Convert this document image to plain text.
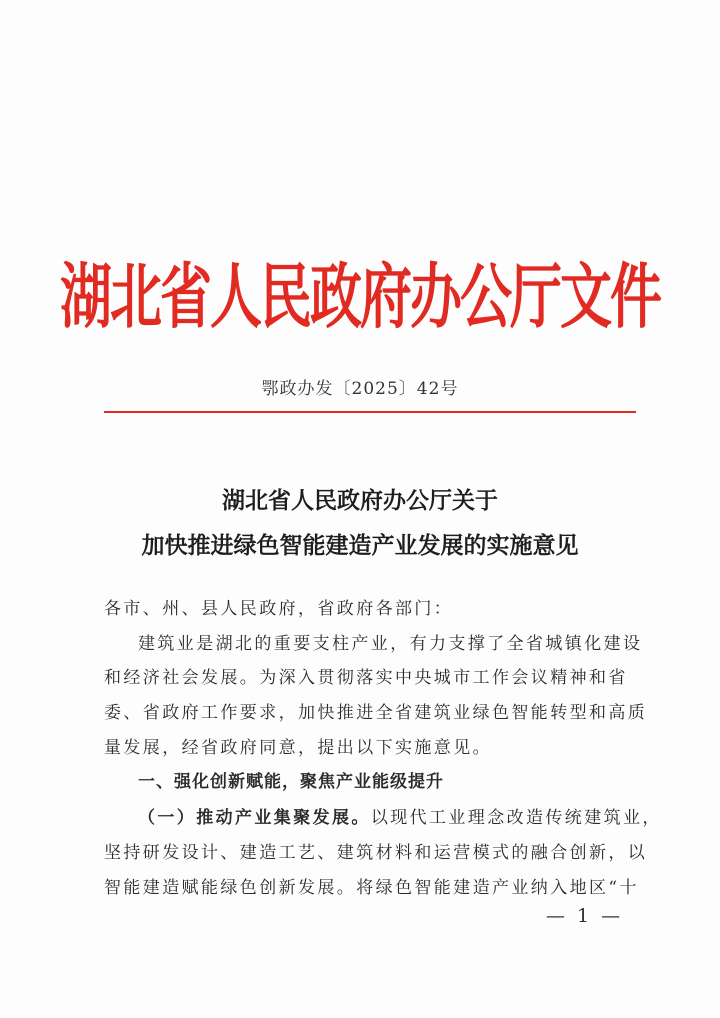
湖北省人民政府办公厅文件
鄂政办发〔2025〕42号
湖北省人民政府办公厅关于
加快推进绿色智能建造产业发展的实施意见
各市、州、县人民政府，省政府各部门：
建筑业是湖北的重要支柱产业，有力支撑了全省城镇化建设
和经济社会发展。为深入贯彻落实中央城市工作会议精神和省
委、省政府工作要求，加快推进全省建筑业绿色智能转型和高质
量发展，经省政府同意，提出以下实施意见。
一、强化创新赋能，聚焦产业能级提升
（一）推动产业集聚发展。以现代工业理念改造传统建筑业，
坚持研发设计、建造工艺、建筑材料和运营模式的融合创新，以
智能建造赋能绿色创新发展。将绿色智能建造产业纳入地区“十
— 1 —
